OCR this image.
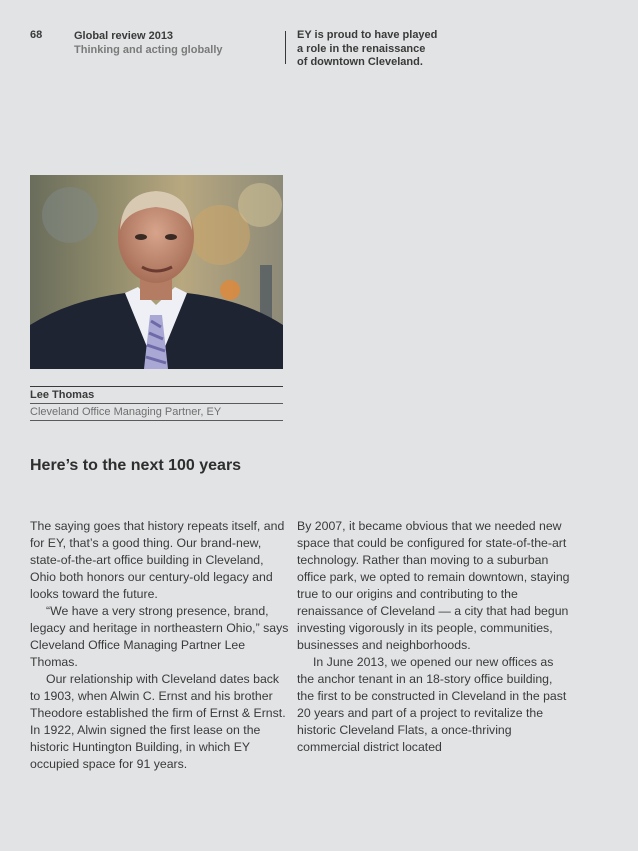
68	Global review 2013
Thinking and acting globally
EY is proud to have played
a role in the renaissance
of downtown Cleveland.
Lee Thomas
Cleveland Office Managing Partner, EY
Here’s to the next 100 years

The saying goes that history repeats itself, and for EY, that’s a good thing. Our brand-new, state-of-the-art office building in Cleveland, Ohio both honors our century-old legacy and looks toward the future.

“We have a very strong presence, brand, legacy and heritage in northeastern Ohio,” says Cleveland Office Managing Partner Lee Thomas.

Our relationship with Cleveland dates back to 1903, when Alwin C. Ernst and his brother Theodore established the firm of Ernst & Ernst. In 1922, Alwin signed the first lease on the historic Huntington Building, in which EY occupied space for 91 years.

By 2007, it became obvious that we needed new space that could be configured for state-of-the-art technology. Rather than moving to a suburban office park, we opted to remain downtown, staying true to our origins and contributing to the renaissance of Cleveland — a city that had begun investing vigorously in its people, communities, businesses and neighborhoods.

In June 2013, we opened our new offices as the anchor tenant in an 18-story office building, the first to be constructed in Cleveland in the past 20 years and part of a project to revitalize the historic Cleveland Flats, a once-thriving commercial district located
